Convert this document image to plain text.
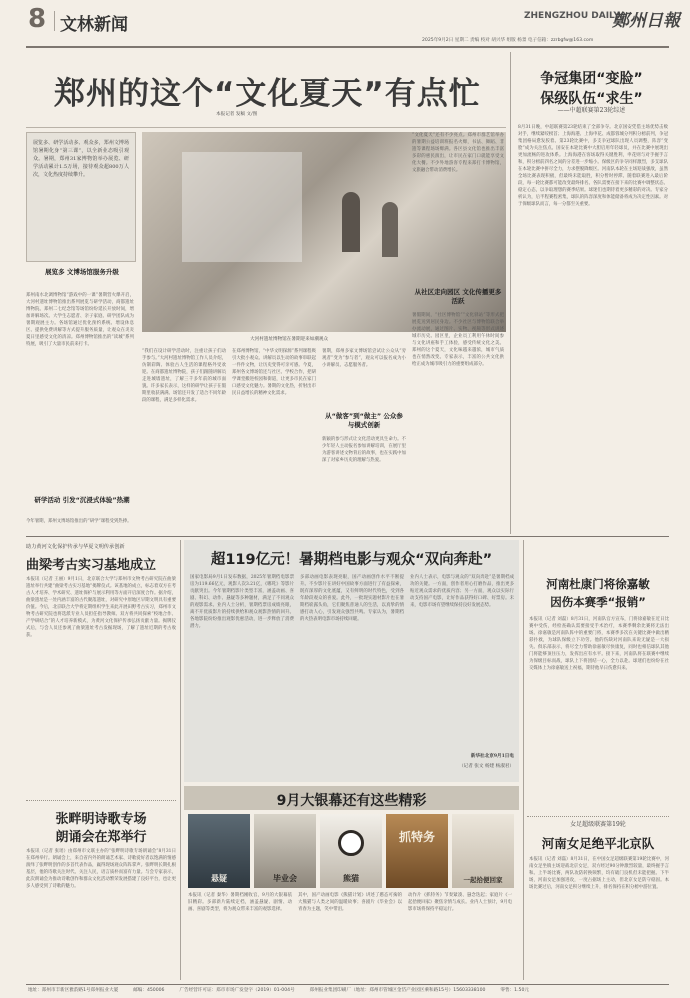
8 文林新闻	ZHENGZHOU DAILY
鄭州日報
2025年9月2日 星期二 责编 校对 胡兴华 组版 杨景 电子信箱：zzrbgfw@163.com
郑州的这个“文化夏天”有点忙
本报记者 发稿 文/图
展览多、研学活动多、观众多，郑州文博场馆暑期化身“第三课”，以全新业态吸引观众。暑期，郑州31家博物馆举办展览、研学活动累计1.5万场，接待观众超800万人次，文化热度持续攀升。
大河村遗址博物馆在暑期迎来如潮观众
展览多 文博场馆服务升级
郑州南水北调博物馆“游戏中的一课”暑期营火爆开启，大河村遗址博物馆推出系列展览与研学活动，商都遗址博物院、郑州二七纪念馆等场馆纷纷延长开放时间，增加讲解场次。大学生志愿者、亲子家庭、研学团队成为暑期观展主力。各场馆通过优化预约系统、增设休息区、提供免费讲解等方式提升服务质量，让观众在炎炎夏日里感受文化的清凉。郑州博物馆推出的“读城”系列特展，吸引了大量市民前来打卡。
研学活动 引发“沉浸式体验”热潮
今年暑期，郑州文博场馆推出的“研学”课程受到热捧。
“我们在设计研学活动时，注重让孩子们动手参与。”大河村遗址博物馆工作人员介绍，仿制彩陶、体验古人生活的课程格外受欢迎。在商都遗址博物院，孩子们跟随讲解员走进城墙遗址，了解三千多年前的城市面貌。许多家长表示，这样的研学让孩子在假期里收获满满。场馆还开发了适合不同年龄段的课程，满足多样化需求。
在郑州博物馆，“中华文明探源”系列课程吸引大批小观众。讲解员以生动的故事串联起一件件文物，让历史变得可亲可感。今夏，郑州各文博场馆还与社区、学校合作，把研学课堂搬进校园和街道，让更多市民在家门口感受文化魅力。暑期的文化热，折射出市民日益增长的精神文化需求。
暑期，郑州多家文博场馆尝试让公众从“旁观者”变为“参与者”，观众可以报名成为小小讲解员、志愿服务者。
从“做客”到“做主” 公众参与模式创新
新颖的参与形式让文化活动更具生命力。不少年轻人主动报名参加讲解培训，在展厅里为游客讲述文物背后的故事，也在实践中加深了对家乡历史的理解与热爱。
“文化夏天”还有不少亮点。郑州市群艺馆举办的暑期公益培训班报名火爆，书法、舞蹈、非遗等课程场场爆满。各区县文化馆也推出丰富多彩的惠民演出，让市民在家门口就能享受文化大餐。不少外地游客专程来郑打卡博物馆，文旅融合带动消费增长。
从社区走向园区 文化传播更多活跃
暑假期间，“社区博物馆”“文化驿站”等形式把展览送到居民身边。不少社区与博物馆联合举办流动展，通过图片、实物、视频等形式讲述城市历史。园区里，企业员工利用午休时间参与文化讲座和手工体验，感受传统文化之美。郑州的这个夏天，文化味越来越浓，城市气质也在悄然改变。专家表示，丰富的公共文化供给正成为城市吸引力的重要组成部分。
争冠集团“变脸”
保级队伍“求生”
——中超联赛第23轮综述
8月31日晚，中超联赛第23轮结束了全部争夺。北京国安凭借主场优势击败对手，继续紧咬榜首；上海海港、上海申花、成都蓉城分列积分榜前列，争冠集团格局愈发胶着。第23轮比赛中，多支争冠球队出现人员调整，阵容“变脸”成为关注焦点。国安在本轮比赛中大胆启用年轻球员，并在比赛中展现出更加流畅的进攻体系。上海海港在客场取得关键胜利，申花则与对手握手言和，积分榜前四名之间的分差进一步缩小。保级区的争夺同样激烈，多支球队在本轮比赛中拼尽全力，力求摆脱降级区。河南队本轮在主场迎战强敌，虽然全场比赛表现积极，但最终未能取胜，积分暂时停滞。随着联赛进入最后阶段，每一轮比赛都可能改变最终排名。各队需要在接下来的比赛中调整状态、稳定心态，以争取理想的赛季结果。球迷们也期待着更多精彩的对决。专家分析认为，后半程赛程密集，球队的阵容深度和体能储备将成为决定性因素。对于保级球队而言，每一分都至关重要。
助力黄河文化保护传承与华夏文明传承创新
曲梁考古实习基地成立
本报讯（记者 王丽）9月1日，北京联合大学与郑州市文物考古研究院在曲梁遗址举行共建“曲梁考古实习基地”揭牌仪式。该基地的成立，标志着双方在考古人才培养、学术研究、遗址保护与展示利用等方面开启深度合作。据介绍，曲梁遗址是一处内涵丰富的古代聚落遗址，对研究中原地区早期文明具有重要价值。今后，北京联合大学将定期组织学生来此开展田野考古实习，郑州市文物考古研究院也将选派专业人员担任指导教师。双方将共同探索“校地合作、产学研结合”的人才培养新模式，为黄河文化保护传承弘扬贡献力量。揭牌仪式后，与会人员还参观了曲梁遗址考古发掘现场，了解了遗址近期的考古收获。
张畔明诗歌专场
朗诵会在郑举行
本报讯（记者 张瑶）由郑州市文联主办的“张畔明诗歌专场朗诵会”8月31日在郑州举行。朗诵会上，来自省内外的朗诵艺术家、诗歌爱好者以饱满的情感演绎了张畔明创作的多首代表作品，赢得现场观众阵阵掌声。张畔明长期扎根基层，他的诗歌关注时代、关注人民，语言质朴而富有力量。与会专家表示，此次朗诵会为推动诗歌创作和群众文化活动繁荣发展搭建了良好平台，也让更多人感受到了诗歌的魅力。
超119亿元！暑期档电影与观众“双向奔赴”
国家电影局9月1日发布数据，2025年暑期档电影票房为119.66亿元，观影人次3.21亿，《哪吒》等影片贡献突出。今年暑期档影片类型丰富，涵盖动画、喜剧、科幻、动作、悬疑等多种题材，满足了不同观众的观影需求。业内人士分析，暑期档票房成绩亮眼，离不开优质影片的持续供给和观众观影热情的回升。各地影院纷纷推出观影优惠活动，进一步释放了消费潜力。
多部动画电影表现亮眼，国产动画创作水平不断提升。不少影片在讲好中国故事方面进行了有益探索，既有深厚的文化底蕴，又有鲜明的时代特色，受到各年龄段观众的喜爱。此外，一批现实题材影片也在暑期档崭露头角，它们聚焦普通人的生活，以真挚的情感打动人心，引发观众强烈共鸣。专家认为，暑期档的火热表明电影市场持续回暖。
业内人士表示，电影与观众的“双向奔赴”是暑期档成功的关键。一方面，创作者用心打磨作品，推出更多贴近观众需求的优质内容；另一方面，观众以实际行动支持国产电影，让好作品获得好口碑、好票房。未来，电影市场有望继续保持良好发展态势。
新华社北京9月1日电
（记者 张文 杨建 杨淑君）
9月大银幕还有这些精彩
悬疑	毕业会	熊猫
抓特务
一起拾便回家
本报讯（记者 秦华）暑期档刚收官，9月的大银幕依旧精彩。多部新片陆续定档，涵盖悬疑、剧情、动画、喜剧等类型，将为观众带来丰富的观影选择。
其中，国产动画电影《熊猫计划》讲述了憨态可掬的大熊猫与人类之间的温暖故事；喜剧片《毕业会》以青春为主题，笑中带泪。
动作片《抓特务》节奏紧凑、悬念迭起；家庭片《一起拾便回家》聚焦亲情与成长。业内人士预计，9月电影市场将保持平稳运行。
河南杜康门将徐嘉敏
因伤本赛季“报销”
本报讯（记者 刘磊）8月31日，河南队官方宣布，门将徐嘉敏在近日比赛中受伤，经检查确认需要接受手术治疗，本赛季剩余比赛将无法出场。徐嘉敏是河南队阵中的重要门将，本赛季多次在关键比赛中做出精彩扑救，为球队保级立下功劳。他的伤缺对河南队来说无疑是一大损失。俱乐部表示，将尽全力帮助徐嘉敏尽快康复，同时也相信球队其他门将能够顶住压力，发挥出应有水平。接下来，河南队将在联赛中继续为保级目标而战，球队上下将团结一心，全力以赴。球迷们也纷纷在社交媒体上为徐嘉敏送上祝福，期待他早日伤愈归来。
女足超级联赛第19轮
河南女足绝平北京队
本报讯（记者 刘磊）8月31日，在中国女足超级联赛第19轮比赛中，河南女足坐镇主场迎战北京女足，双方经过90分钟激烈较量，最终握手言和。上半场比赛，两队攻防转换频繁，均有破门良机但未能把握。下半场，河南女足加强进攻，一度占据场上主动，但北京女足防守稳固。本场比赛过后，河南女足积分继续上升，排名保持在积分榜中游位置。
地址：郑州市丰新区雅韵路1号郑州报业大厦	邮编：450006	广告经营许可证：郑市市场广发登字（2019）01-004号	郑州报业集团印刷厂（地址：郑州市管城区金岱产业园区乘和路15号）15603338100	零售：1.50元
